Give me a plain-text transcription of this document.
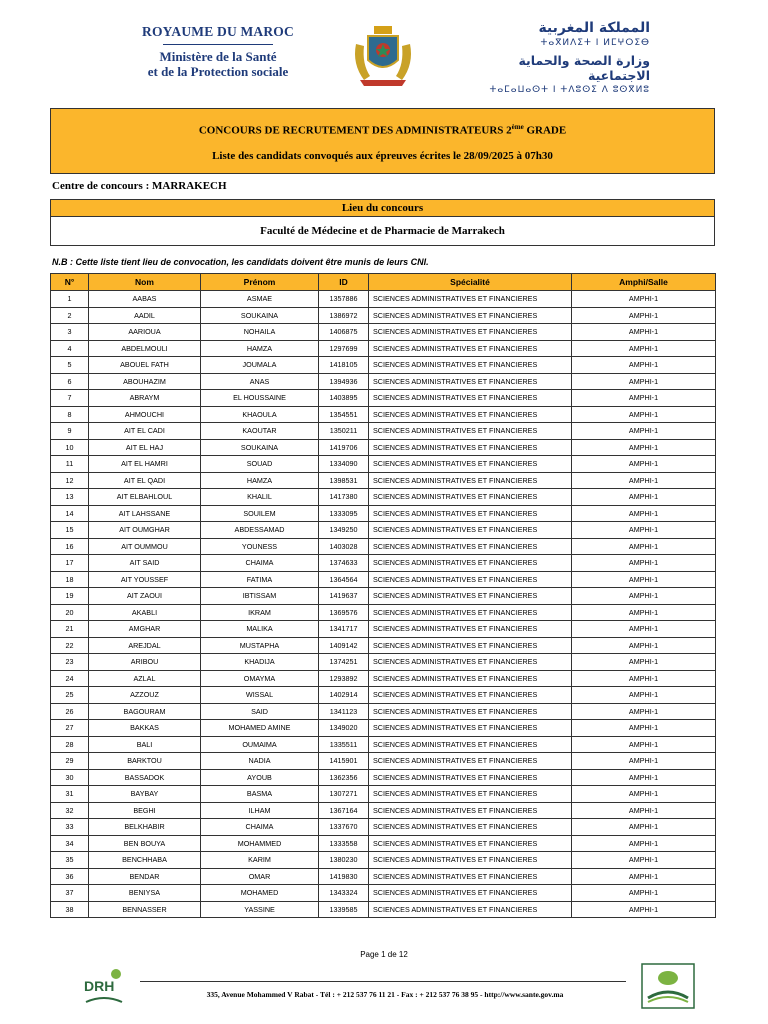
ROYAUME DU MAROC
Ministère de la Santé
et de la Protection sociale
المملكة المغربية
ⵜⴰⴳⵍⴷⵉⵜ ⵏ ⵍⵎⵖⵔⵉⴱ
وزارة الصحة والحماية الاجتماعية
ⵜⴰⵎⴰⵡⴰⵙⵜ ⵏ ⵜⴷⵓⵙⵉ ⴷ ⵓⵙⴳⵍⵓ
CONCOURS DE RECRUTEMENT DES ADMINISTRATEURS 2ème GRADE
Liste des candidats convoqués aux épreuves écrites le 28/09/2025 à 07h30
Centre de concours : MARRAKECH
Lieu du concours
Faculté de Médecine et de Pharmacie de Marrakech
N.B : Cette liste tient lieu de convocation, les candidats doivent être munis de leurs CNI.
N°	Nom	Prénom	ID	Spécialité	Amphi/Salle
1	AABAS	ASMAE	1357886	SCIENCES ADMINISTRATIVES ET FINANCIERES	AMPHI-1
2	AADIL	SOUKAINA	1386972	SCIENCES ADMINISTRATIVES ET FINANCIERES	AMPHI-1
3	AARIOUA	NOHAILA	1406875	SCIENCES ADMINISTRATIVES ET FINANCIERES	AMPHI-1
4	ABDELMOULI	HAMZA	1297699	SCIENCES ADMINISTRATIVES ET FINANCIERES	AMPHI-1
5	ABOUEL FATH	JOUMALA	1418105	SCIENCES ADMINISTRATIVES ET FINANCIERES	AMPHI-1
6	ABOUHAZIM	ANAS	1394936	SCIENCES ADMINISTRATIVES ET FINANCIERES	AMPHI-1
7	ABRAYM	EL HOUSSAINE	1403895	SCIENCES ADMINISTRATIVES ET FINANCIERES	AMPHI-1
8	AHMOUCHI	KHAOULA	1354551	SCIENCES ADMINISTRATIVES ET FINANCIERES	AMPHI-1
9	AIT EL CADI	KAOUTAR	1350211	SCIENCES ADMINISTRATIVES ET FINANCIERES	AMPHI-1
10	AIT EL HAJ	SOUKAINA	1419706	SCIENCES ADMINISTRATIVES ET FINANCIERES	AMPHI-1
11	AIT EL HAMRI	SOUAD	1334090	SCIENCES ADMINISTRATIVES ET FINANCIERES	AMPHI-1
12	AIT EL QADI	HAMZA	1398531	SCIENCES ADMINISTRATIVES ET FINANCIERES	AMPHI-1
13	AIT ELBAHLOUL	KHALIL	1417380	SCIENCES ADMINISTRATIVES ET FINANCIERES	AMPHI-1
14	AIT LAHSSANE	SOUILEM	1333095	SCIENCES ADMINISTRATIVES ET FINANCIERES	AMPHI-1
15	AIT OUMGHAR	ABDESSAMAD	1349250	SCIENCES ADMINISTRATIVES ET FINANCIERES	AMPHI-1
16	AIT OUMMOU	YOUNESS	1403028	SCIENCES ADMINISTRATIVES ET FINANCIERES	AMPHI-1
17	AIT SAID	CHAIMA	1374633	SCIENCES ADMINISTRATIVES ET FINANCIERES	AMPHI-1
18	AIT YOUSSEF	FATIMA	1364564	SCIENCES ADMINISTRATIVES ET FINANCIERES	AMPHI-1
19	AIT ZAOUI	IBTISSAM	1419637	SCIENCES ADMINISTRATIVES ET FINANCIERES	AMPHI-1
20	AKABLI	IKRAM	1369576	SCIENCES ADMINISTRATIVES ET FINANCIERES	AMPHI-1
21	AMGHAR	MALIKA	1341717	SCIENCES ADMINISTRATIVES ET FINANCIERES	AMPHI-1
22	AREJDAL	MUSTAPHA	1409142	SCIENCES ADMINISTRATIVES ET FINANCIERES	AMPHI-1
23	ARIBOU	KHADIJA	1374251	SCIENCES ADMINISTRATIVES ET FINANCIERES	AMPHI-1
24	AZLAL	OMAYMA	1293892	SCIENCES ADMINISTRATIVES ET FINANCIERES	AMPHI-1
25	AZZOUZ	WISSAL	1402914	SCIENCES ADMINISTRATIVES ET FINANCIERES	AMPHI-1
26	BAGOURAM	SAID	1341123	SCIENCES ADMINISTRATIVES ET FINANCIERES	AMPHI-1
27	BAKKAS	MOHAMED AMINE	1349020	SCIENCES ADMINISTRATIVES ET FINANCIERES	AMPHI-1
28	BALI	OUMAIMA	1335511	SCIENCES ADMINISTRATIVES ET FINANCIERES	AMPHI-1
29	BARKTOU	NADIA	1415901	SCIENCES ADMINISTRATIVES ET FINANCIERES	AMPHI-1
30	BASSADOK	AYOUB	1362356	SCIENCES ADMINISTRATIVES ET FINANCIERES	AMPHI-1
31	BAYBAY	BASMA	1307271	SCIENCES ADMINISTRATIVES ET FINANCIERES	AMPHI-1
32	BEGHI	ILHAM	1367164	SCIENCES ADMINISTRATIVES ET FINANCIERES	AMPHI-1
33	BELKHABIR	CHAIMA	1337670	SCIENCES ADMINISTRATIVES ET FINANCIERES	AMPHI-1
34	BEN BOUYA	MOHAMMED	1333558	SCIENCES ADMINISTRATIVES ET FINANCIERES	AMPHI-1
35	BENCHHABA	KARIM	1380230	SCIENCES ADMINISTRATIVES ET FINANCIERES	AMPHI-1
36	BENDAR	OMAR	1419830	SCIENCES ADMINISTRATIVES ET FINANCIERES	AMPHI-1
37	BENIYSA	MOHAMED	1343324	SCIENCES ADMINISTRATIVES ET FINANCIERES	AMPHI-1
38	BENNASSER	YASSINE	1339585	SCIENCES ADMINISTRATIVES ET FINANCIERES	AMPHI-1
Page 1 de 12
DRH
335, Avenue Mohammed V Rabat - Tél : + 212 537 76 11 21 - Fax : + 212 537 76 38 95 - http://www.sante.gov.ma
